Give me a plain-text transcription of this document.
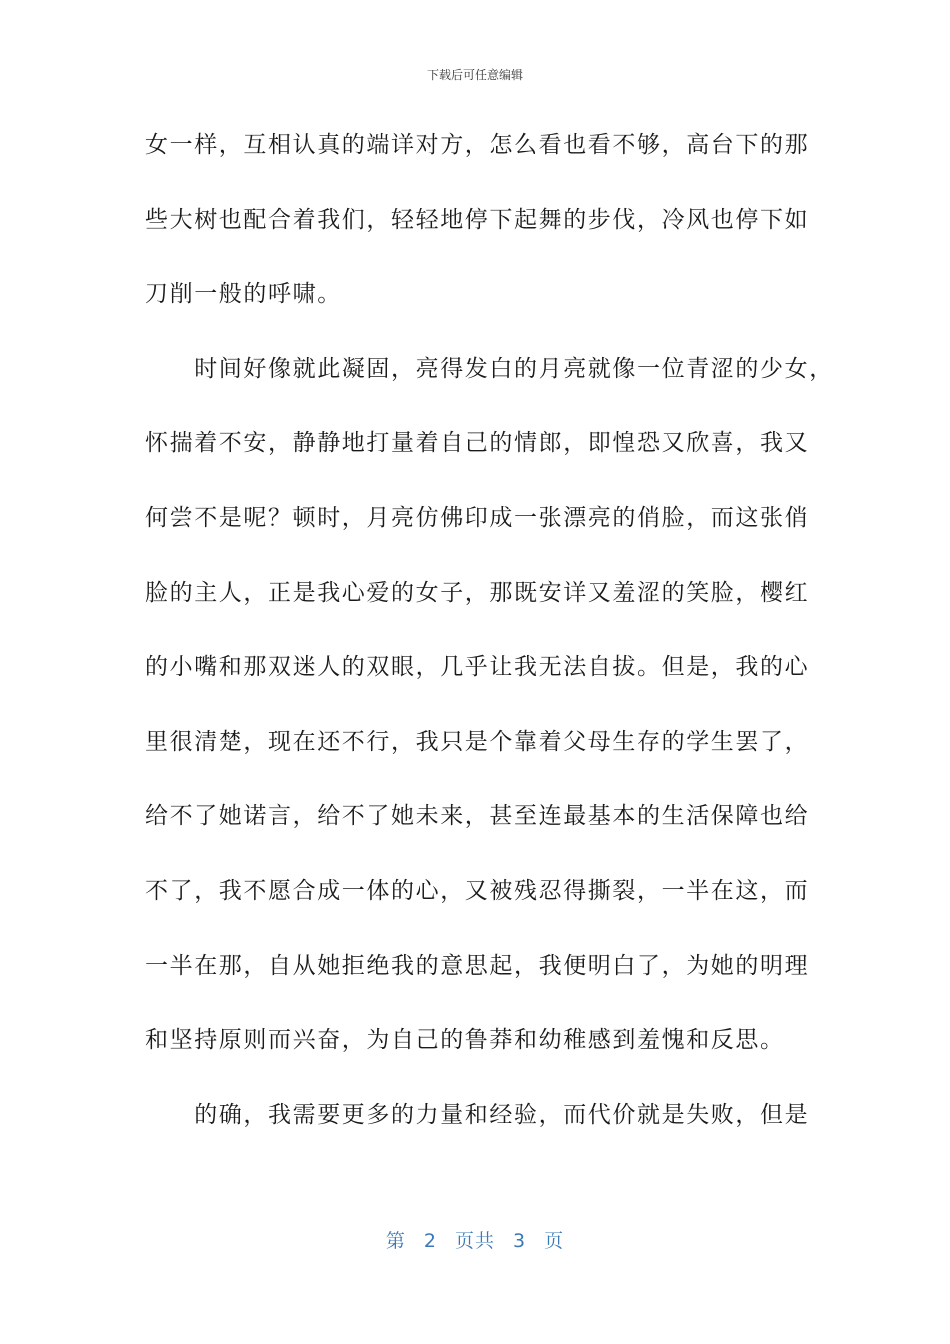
下载后可任意编辑
女一样，互相认真的端详对方，怎么看也看不够，高台下的那
些大树也配合着我们，轻轻地停下起舞的步伐，冷风也停下如
刀削一般的呼啸。
　　时间好像就此凝固，亮得发白的月亮就像一位青涩的少女，
怀揣着不安，静静地打量着自己的情郎，即惶恐又欣喜，我又
何尝不是呢？顿时，月亮仿佛印成一张漂亮的俏脸，而这张俏
脸的主人，正是我心爱的女子，那既安详又羞涩的笑脸，樱红
的小嘴和那双迷人的双眼，几乎让我无法自拔。但是，我的心
里很清楚，现在还不行，我只是个靠着父母生存的学生罢了，
给不了她诺言，给不了她未来，甚至连最基本的生活保障也给
不了，我不愿合成一体的心，又被残忍得撕裂，一半在这，而
一半在那，自从她拒绝我的意思起，我便明白了，为她的明理
和坚持原则而兴奋，为自己的鲁莽和幼稚感到羞愧和反思。
　　的确，我需要更多的力量和经验，而代价就是失败，但是
第 2 页共 3 页
